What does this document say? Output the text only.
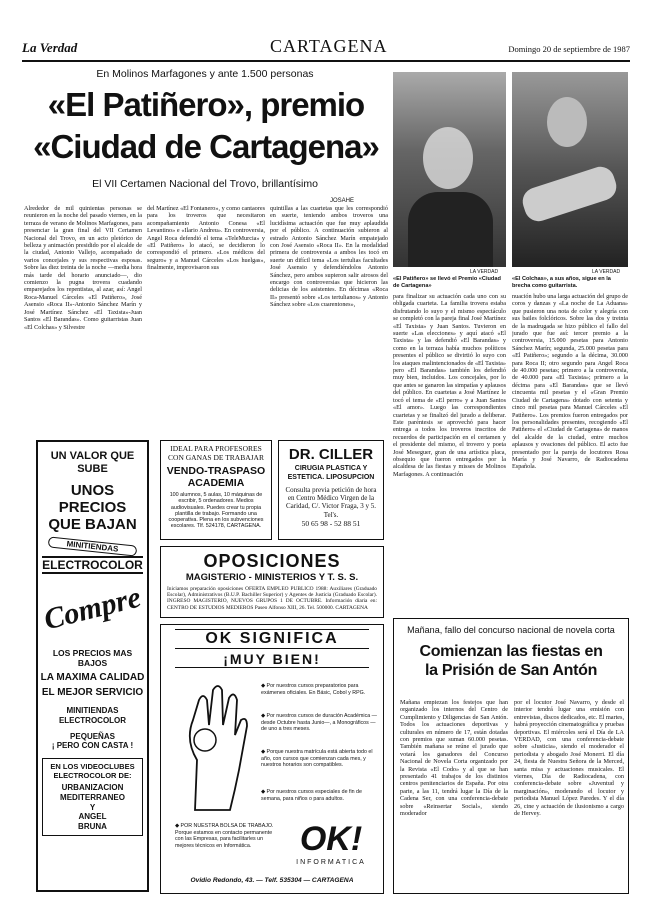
La Verdad	CARTAGENA	Domingo 20 de septiembre de 1987
En Molinos Marfagones y ante 1.500 personas
«El Patiñero», premio
«Ciudad de Cartagena»
El VII Certamen Nacional del Trovo, brillantísimo
JOSAHE
Alrededor de mil quinientas personas se reunieron en la noche del pasado viernes, en la terraza de verano de Molinos Marfagones, para presenciar la gran final del VII Certamen Nacional del Trovo, en un acto pletórico de belleza y animación presidido por el alcalde de la ciudad, Antonio Vallejo, acompañado de varios concejales y sus respectivas esposas. Sobre las diez treinta de la noche —media hora más tarde del horario anunciado—, dio comienzo la pugna trovera cuadando emparejados los repentistas, al azar, así: Angel Roca-Manuel Cárceles «El Patiñero», José Asensio «Roca II»-Antonio Sánchez Marín y José Martínez Sánchez «El Taxista»-Juan Santos «El Barandas». Como guitarristas Juan «El Colchas» y Silvestre
del Martínez «El Fontanero», y como cantaores para los troveros que necesitaron acompañamiento Antonio Conesa «El Levantino» e «Ilario Andreu». En controversia, Angel Roca defendió el tema «TeleMurcia» y «El Patiñero» lo atacó, se decidieron lo correspondió el primero. «Los médicos del seguro» y a Manuel Cárceles «Los huelgas», finalmente, improvisaron sus
quintillas a las cuartetas que les correspondió en suerte, teniendo ambos troveros una lucidísima actuación que fue muy aplaudida por el público. A continuación subieron al estrado Antonio Sánchez Marín empatejado con José Asensio «Roca II». En la modalidad primera de controversia a ambos les tocó en suerte un difícil tema «Los tertulias facultades José Asensio y defendiéndolos Antonio Sánchez, pero ambos supieron salir airosos del encargo con controversias que hicieron las delicias de los asistentes. En décimas «Roca II» presentó sobre «Los tertulianos» y Antonio Sánchez sobre «Los cuarentones»,
LA VERDAD
«El Patiñero» se llevó el Premio «Ciudad de Cartagena»
LA VERDAD
«El Colchas», a sus años, sigue en la brecha como guitarrista.
para finalizar su actuación cada uno con su obligada cuarteta. La familia trovera estaba disfrutando lo suyo y el mismo espectáculo se completó con la pareja final José Martínez «El Taxista» y Juan Santos. Tuvieron en suerte «Las elecciones» y aquí atacó «El Taxista» y las defendió «El Barandas» y como en la terraza había muchos políticos presentes el público se divirtió lo suyo con los ataques malintencionados de «El Taxista» pero «El Barandas» también los defendió muy bien, incluidos. Los concejales, por lo que antes se ganaron las simpatías y aplausos del público. En cuartetas a José Martínez le tocó el tema de «El perro» y a Juan Santos «El amor». Luego las correspondientes cuartetas y se finalizó del jurado a deliberar. Este paréntesis se aprovechó para hacer entrega a todos los troveros inscritos de recuerdos de participación en el certamen y el presidente del mismo, el trovero y poeta José Meseguer, gran de una artística placa, obsequio que fueron entregados por la alcaldesa de las fiestas y misses de Molinos Marfagones. A continuación
nuación hubo una larga actuación del grupo de coros y danzas y «La noche de La Aduana» que pusieron una nota de color y alegría con sus bailes folclóricos. Sobre las dos y treinta de la madrugada se hizo público el fallo del jurado que fue así: tercer premio a la controversia, 15.000 pesetas para Antonio Sánchez Marín; segunda, 25.000 pesetas para «El Patiñero»; segundo a la décima, 30.000 para Roca II; otro segundo para Angel Roca de 40.000 pesetas; primero a la controversia, de 40.000 para «El Taxista»; primero a la décima para «El Barandas» que se llevó cincuenta mil pesetas y el «Gran Premio Ciudad de Cartagena» dotado con setenta y cinco mil pesetas para Manuel Cárceles «El Patiñero». Los premios fueron entregados por los personalidades presentes, recogiendo «El Patiñero» el «Ciudad de Cartagena» de manos del alcalde de la ciudad, entre muchos aplausos y ovaciones del público. El acto fue presentado por la pareja de locutores Rosa María y José Navarro, de Radiocadena Española.
UN VALOR QUE SUBE
UNOS PRECIOS QUE BAJAN
MINITIENDAS
ELECTROCOLOR
Compre
LOS PRECIOS MAS BAJOS
LA MAXIMA CALIDAD
EL MEJOR SERVICIO
MINITIENDAS ELECTROCOLOR
PEQUEÑAS
¡ PERO CON CASTA !
EN LOS VIDEOCLUBES ELECTROCOLOR DE:
URBANIZACION MEDITERRANEO
Y
ANGEL BRUNA
IDEAL PARA PROFESORES CON GANAS DE TRABAJAR
VENDO-TRASPASO ACADEMIA
100 alumnos, 5 aulas, 10 máquinas de escribir, 5 ordenadores. Medios audiovisuales. Puedes crear tu propia plantilla de trabajo. Formando una cooperativa. Plena en los subvenciones escolares. Tlf. 524178, CARTAGENA.
DR. CILLER
CIRUGIA PLASTICA Y ESTETICA. LIPOSUPCION
Consulta previa petición de hora en Centro Médico Virgen de la Caridad, C/. Victor Fraga, 3 y 5. Tel's.
50 65 98 - 52 88 51
OPOSICIONES
MAGISTERIO - MINISTERIOS Y T. S. S.
Iniciamos preparación oposiciones OFERTA EMPLEO PUBLICO 1988: Auxiliares (Graduado Escolar), Administrativos (B.U.P. Bachiller Superior) y Agentes de Justicia (Graduado Escolar). INGRESO MAGISTERIO, NUEVOS GRUPOS 1 DE OCTUBRE. Información diaria en: CENTRO DE ESTUDIOS MEDIEROS Paseo Alfonso XIII, 26. Tel. 500000. CARTAGENA
OK SIGNIFICA
¡MUY BIEN!
◆ Por nuestros cursos preparatorios para exámenes oficiales. En Básic, Cobol y RPG.
◆ Por nuestros cursos de duración Académica —desde Octubre hasta Junio—, a Monográficos —de uno a tres meses.
◆ Porque nuestra matrícula está abierta todo el año, con cursos que comienzan cada mes, y nuestros horarios son compatibles.
◆ Por nuestros cursos especiales de fin de semana, para niños o para adultos.
◆ POR NUESTRA BOLSA DE TRABAJO. Porque estamos en contacto permanente con las Empresas, para facilitarles un mejores técnicos en Informática.	OK!
INFORMATICA
Ovidio Redondo, 43. — Telf. 535304 — CARTAGENA
Mañana, fallo del concurso nacional de novela corta
Comienzan las fiestas en
la Prisión de San Antón
Mañana empiezan los festejos que han organizado los internos del Centro de Cumplimiento y Diligencias de San Antón. Todos los actuaciones deportivas y culturales en número de 17, están dotadas con premios que suman 60.000 pesetas. También mañana se reúne el jurado que votará los ganadores del Concurso Nacional de Novela Corta organizado por la Revista «El Codo» y al que se han presentado 41 trabajos de los distintos centros penitenciarios de España. Por otra parte, a las 11, tendrá lugar la Día de la Cadena Ser, con una conferencia-debate sobre «Reinsertar Social», siendo moderador
por el locutor José Navarro, y desde el interior tendrá lugar una emisión con entrevistas, discos dedicados, etc. El martes, habrá proyección cinematográfica y pruebas deportivas. El miércoles será el Día de LA VERDAD, con una conferencia-debate sobre «Justicia», siendo el moderador el periodista y abogado José Monerri. El día 24, fiesta de Nuestra Señora de la Merced, santa misa y actuaciones musicales. El viernes, Día de Radiocadena, con conferencia-debate sobre «Juventud y marginación», moderando el locutor y periodista Manuel López Paredes. Y el día 26, cine y actuación de ilusionismo a cargo de Hervey.
